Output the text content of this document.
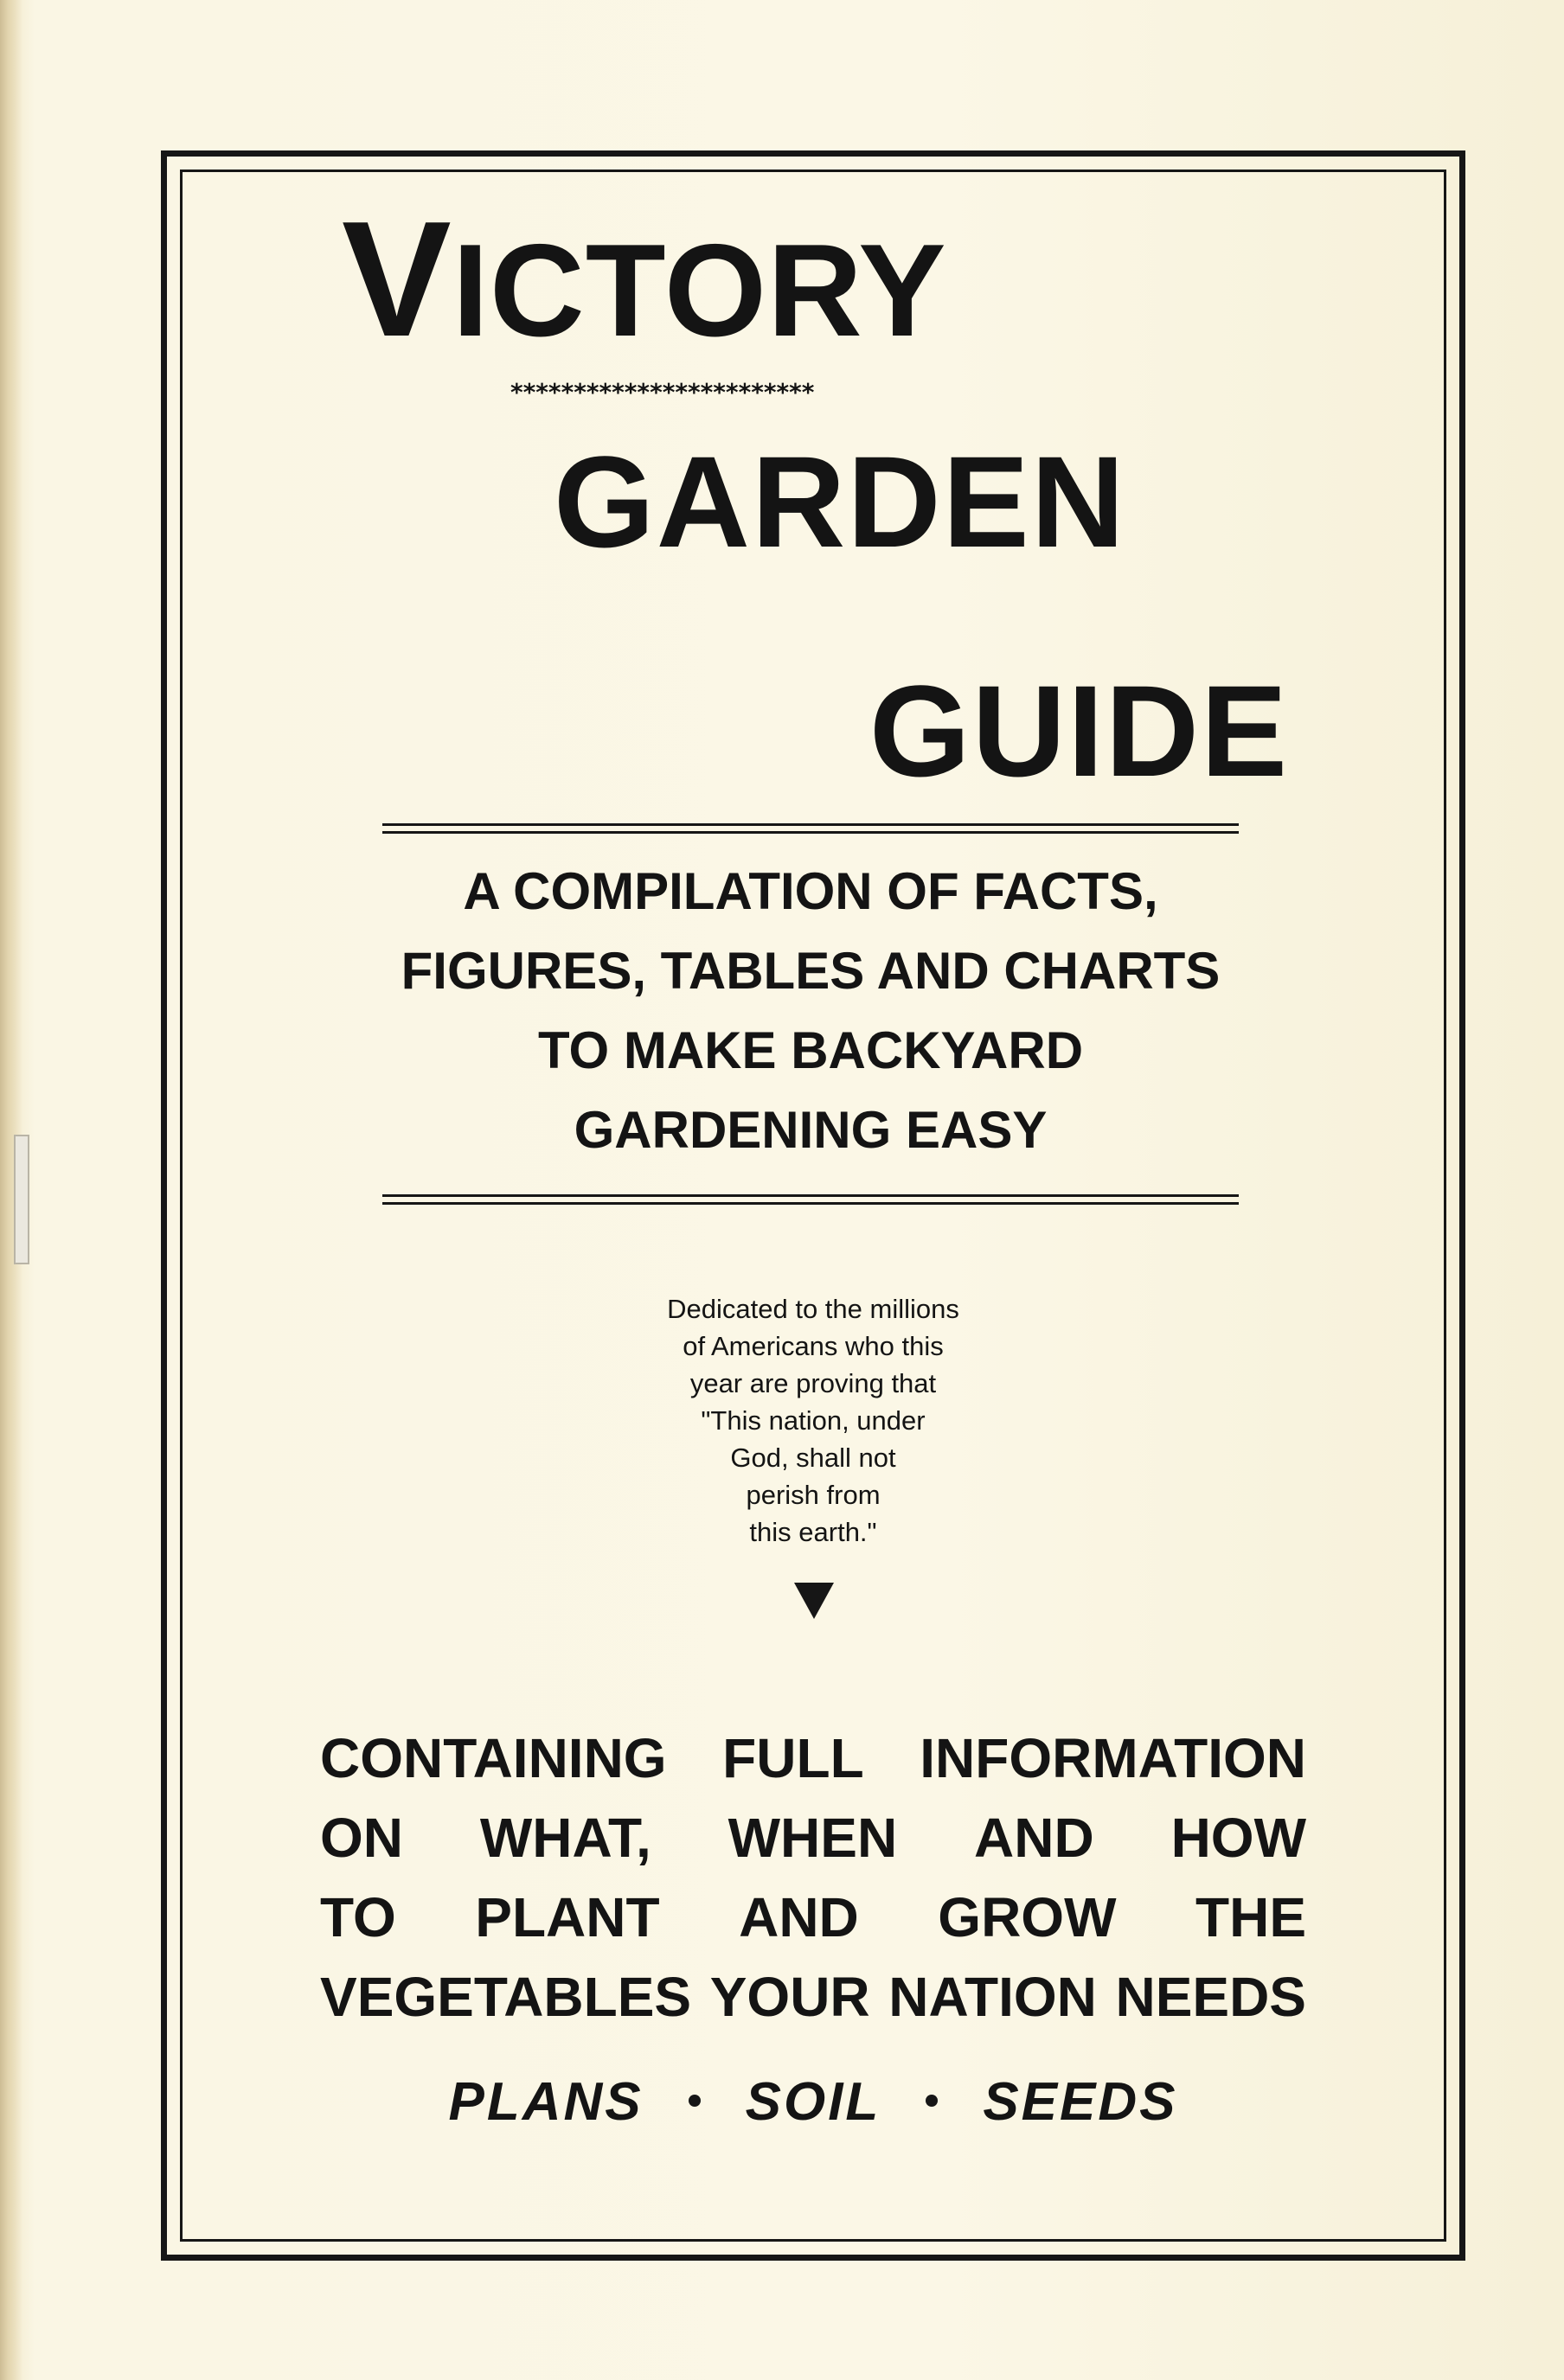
VICTORY
************************
GARDEN
GUIDE
A COMPILATION OF FACTS,
FIGURES, TABLES AND CHARTS
TO MAKE BACKYARD
GARDENING EASY
Dedicated to the millions
of Americans who this
year are proving that
"This nation, under
God, shall not
perish from
this earth."
CONTAINING FULL INFORMATION
ON WHAT, WHEN AND HOW
TO PLANT AND GROW THE
VEGETABLES YOUR NATION NEEDS
PLANS SOIL SEEDS
